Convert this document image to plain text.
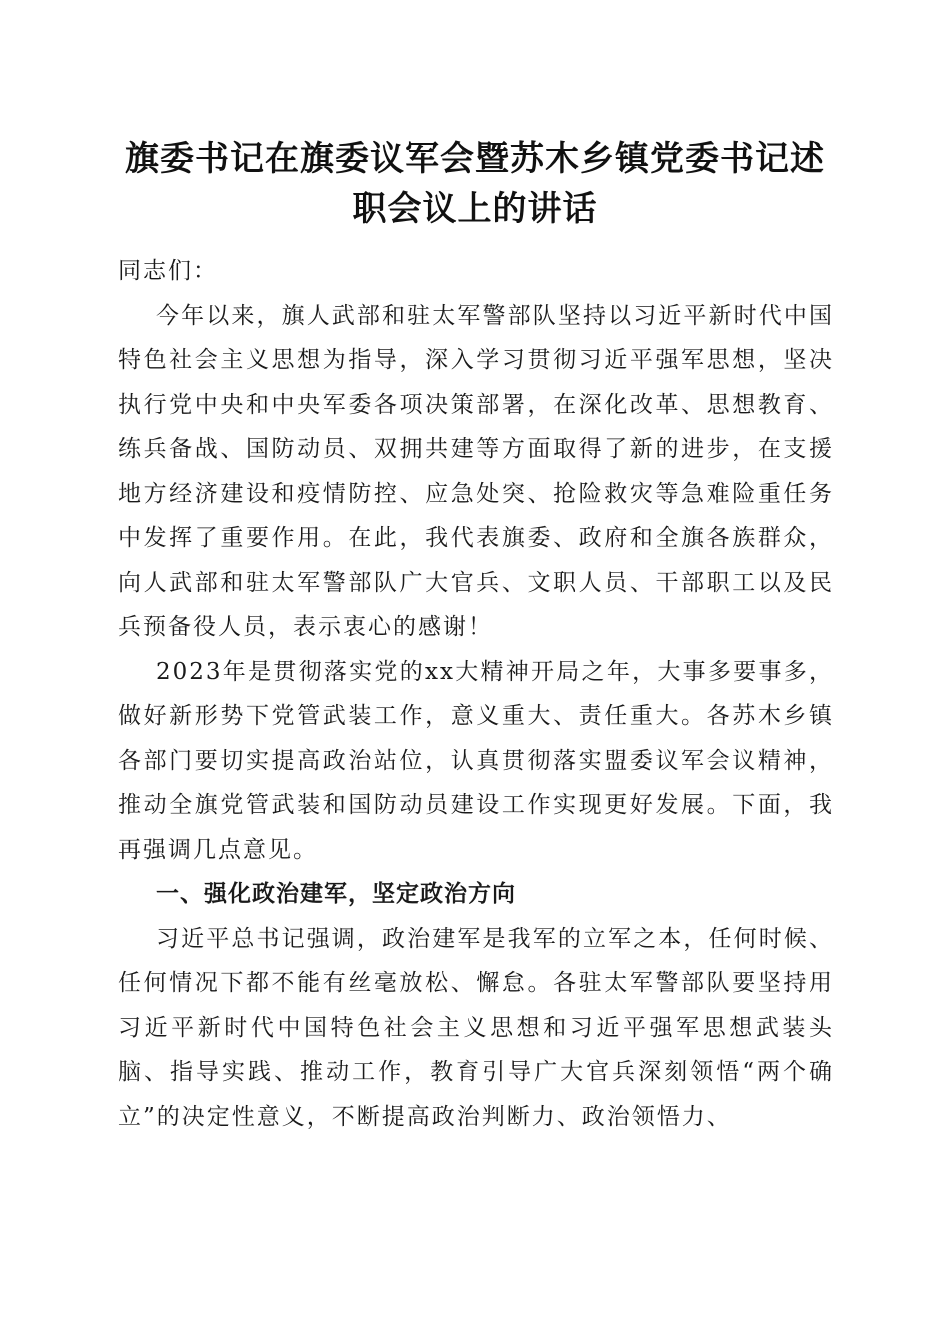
旗委书记在旗委议军会暨苏木乡镇党委书记述
职会议上的讲话

同志们：

今年以来，旗人武部和驻太军警部队坚持以习近平新时代中国特色社会主义思想为指导，深入学习贯彻习近平强军思想，坚决执行党中央和中央军委各项决策部署，在深化改革、思想教育、练兵备战、国防动员、双拥共建等方面取得了新的进步，在支援地方经济建设和疫情防控、应急处突、抢险救灾等急难险重任务中发挥了重要作用。在此，我代表旗委、政府和全旗各族群众，向人武部和驻太军警部队广大官兵、文职人员、干部职工以及民兵预备役人员，表示衷心的感谢！

2023年是贯彻落实党的xx大精神开局之年，大事多要事多，做好新形势下党管武装工作，意义重大、责任重大。各苏木乡镇各部门要切实提高政治站位，认真贯彻落实盟委议军会议精神，推动全旗党管武装和国防动员建设工作实现更好发展。下面，我再强调几点意见。

一、强化政治建军，坚定政治方向

习近平总书记强调，政治建军是我军的立军之本，任何时候、任何情况下都不能有丝毫放松、懈怠。各驻太军警部队要坚持用习近平新时代中国特色社会主义思想和习近平强军思想武装头脑、指导实践、推动工作，教育引导广大官兵深刻领悟“两个确立”的决定性意义，不断提高政治判断力、政治领悟力、
